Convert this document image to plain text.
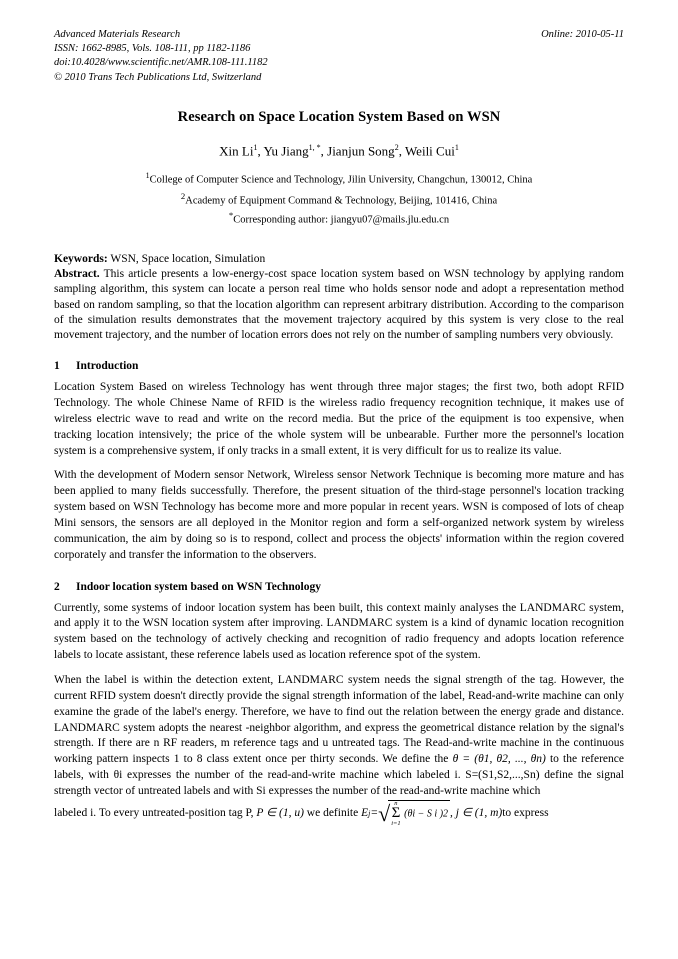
Advanced Materials Research
ISSN: 1662-8985, Vols. 108-111, pp 1182-1186
doi:10.4028/www.scientific.net/AMR.108-111.1182
© 2010 Trans Tech Publications Ltd, Switzerland
Online: 2010-05-11
Research on Space Location System Based on WSN
Xin Li$^1$, Yu Jiang$^{1, *}$, Jianjun Song$^2$, Weili Cui$^1$
$^1$College of Computer Science and Technology, Jilin University, Changchun, 130012, China
$^2$Academy of Equipment Command & Technology, Beijing, 101416, China
*Corresponding author: jiangyu07@mails.jlu.edu.cn
Keywords: WSN, Space location, Simulation
Abstract. This article presents a low-energy-cost space location system based on WSN technology by applying random sampling algorithm, this system can locate a person real time who holds sensor node and adopt a representation method based on random sampling, so that the location algorithm can represent arbitrary distribution. According to the comparison of the simulation results demonstrates that the movement trajectory acquired by this system is very close to the real movement trajectory, and the number of location errors does not rely on the number of sampling numbers very obviously.
1 Introduction

Location System Based on wireless Technology has went through three major stages; the first two, both adopt RFID Technology. The whole Chinese Name of RFID is the wireless radio frequency recognition technique, it makes use of wireless electric wave to read and write on the record media. But the price of the equipment is too expensive, when tracking location intensively; the price of the whole system will be unbearable. Further more the personnel's location system is a comprehensive system, if only tracks in a small extent, it is very difficult for us to realize its value.

With the development of Modern sensor Network, Wireless sensor Network Technique is becoming more mature and has been applied to many fields successfully. Therefore, the present situation of the third-stage personnel's location tracking system based on WSN Technology has become more and more popular in recent years. WSN is composed of lots of cheap Mini sensors, the sensors are all deployed in the Monitor region and form a self-organized network system by wireless communication, the aim by doing so is to respond, collect and process the objects' information within the region covered corporately and transfer the information to the observers.

2 Indoor location system based on WSN Technology

Currently, some systems of indoor location system has been built, this context mainly analyses the LANDMARC system, and apply it to the WSN location system after improving. LANDMARC system is a kind of dynamic location recognition system based on the technology of actively checking and recognition of radio frequency and adopts location reference labels to locate assistant, these reference labels used as location reference spot of the system.

When the label is within the detection extent, LANDMARC system needs the signal strength of the tag. However, the current RFID system doesn't directly provide the signal strength information of the label, Read-and-write machine can only examine the grade of the label's energy. Therefore, we have to find out the relation between the energy grade and distance. LANDMARC system adopts the nearest -neighbor algorithm, and express the geometrical distance relation by the signal's strength. If there are n RF readers, m reference tags and u untreated tags. The Read-and-write machine in the continuous working pattern inspects 1 to 8 class extent once per thirty seconds. We define the θ = (θ1, θ2, ..., θn) to the reference labels, with θi expresses the number of the read-and-write machine which labeled i. S=(S1,S2,...,Sn) define the signal strength vector of untreated labels and with Si expresses the number of the read-and-write machine which

labeled i. To every untreated-position tag P,
P ∈ (1, u)
we definite
E j = √ n
Σ
i=1
(θi − S i )2 , j ∈ (1, m) to express
